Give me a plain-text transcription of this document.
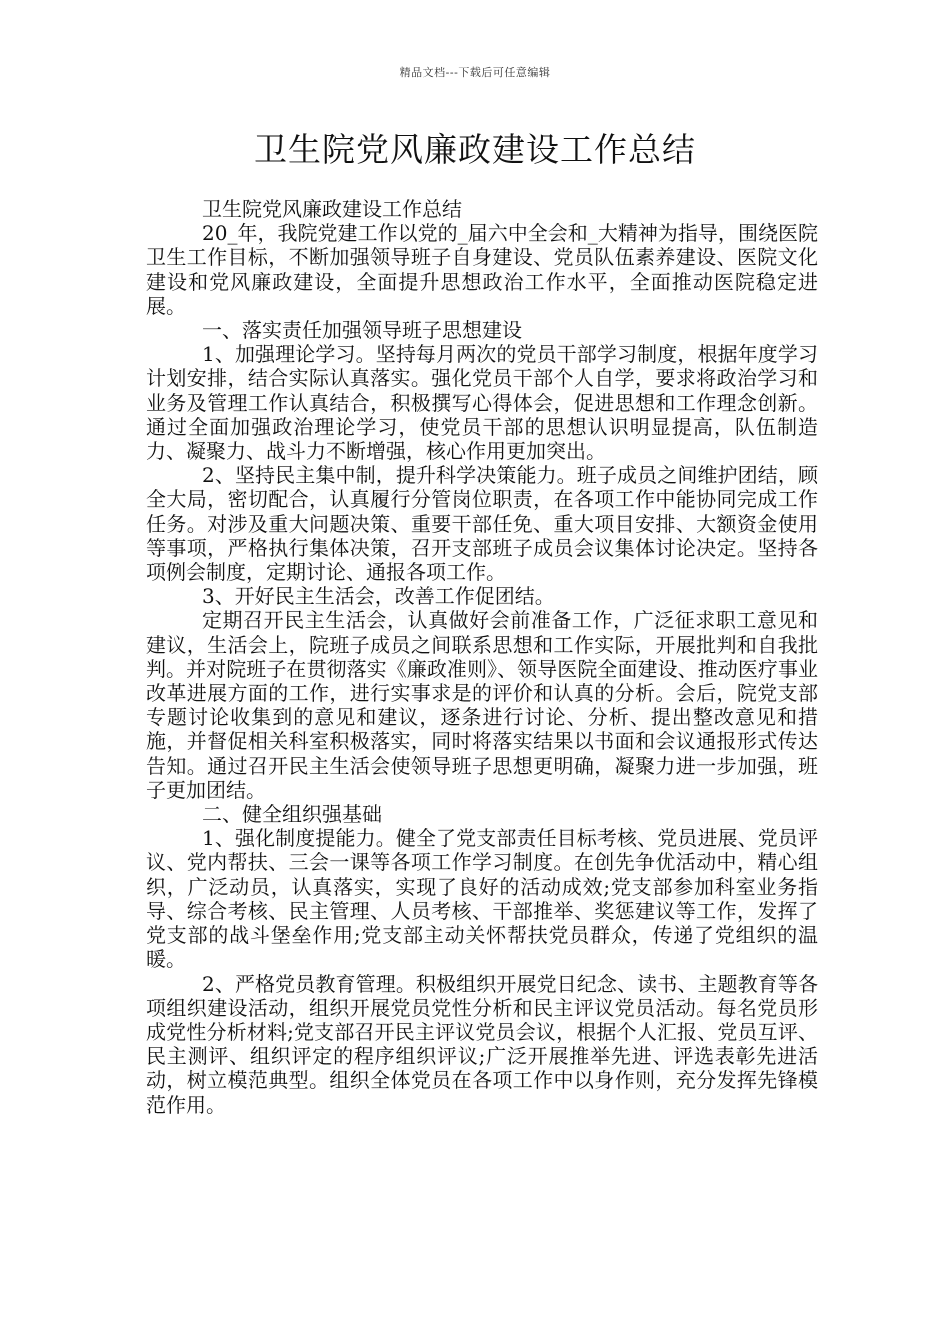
精品文档---下载后可任意编辑
卫生院党风廉政建设工作总结

卫生院党风廉政建设工作总结

20_年，我院党建工作以党的_届六中全会和_大精神为指导，围绕医院卫生工作目标，不断加强领导班子自身建设、党员队伍素养建设、医院文化建设和党风廉政建设，全面提升思想政治工作水平，全面推动医院稳定进展。

一、落实责任加强领导班子思想建设

1、加强理论学习。坚持每月两次的党员干部学习制度，根据年度学习计划安排，结合实际认真落实。强化党员干部个人自学，要求将政治学习和业务及管理工作认真结合，积极撰写心得体会，促进思想和工作理念创新。通过全面加强政治理论学习，使党员干部的思想认识明显提高，队伍制造力、凝聚力、战斗力不断增强，核心作用更加突出。

2、坚持民主集中制，提升科学决策能力。班子成员之间维护团结，顾全大局，密切配合，认真履行分管岗位职责，在各项工作中能协同完成工作任务。对涉及重大问题决策、重要干部任免、重大项目安排、大额资金使用等事项，严格执行集体决策，召开支部班子成员会议集体讨论决定。坚持各项例会制度，定期讨论、通报各项工作。

3、开好民主生活会，改善工作促团结。

定期召开民主生活会，认真做好会前准备工作，广泛征求职工意见和建议，生活会上，院班子成员之间联系思想和工作实际，开展批判和自我批判。并对院班子在贯彻落实《廉政准则》、领导医院全面建设、推动医疗事业改革进展方面的工作，进行实事求是的评价和认真的分析。会后，院党支部专题讨论收集到的意见和建议，逐条进行讨论、分析、提出整改意见和措施，并督促相关科室积极落实，同时将落实结果以书面和会议通报形式传达告知。通过召开民主生活会使领导班子思想更明确，凝聚力进一步加强，班子更加团结。

二、健全组织强基础

1、强化制度提能力。健全了党支部责任目标考核、党员进展、党员评议、党内帮扶、三会一课等各项工作学习制度。在创先争优活动中，精心组织，广泛动员，认真落实，实现了良好的活动成效;党支部参加科室业务指导、综合考核、民主管理、人员考核、干部推举、奖惩建议等工作，发挥了党支部的战斗堡垒作用;党支部主动关怀帮扶党员群众，传递了党组织的温暖。

2、严格党员教育管理。积极组织开展党日纪念、读书、主题教育等各项组织建设活动，组织开展党员党性分析和民主评议党员活动。每名党员形成党性分析材料;党支部召开民主评议党员会议，根据个人汇报、党员互评、民主测评、组织评定的程序组织评议;广泛开展推举先进、评选表彰先进活动，树立模范典型。组织全体党员在各项工作中以身作则，充分发挥先锋模范作用。
